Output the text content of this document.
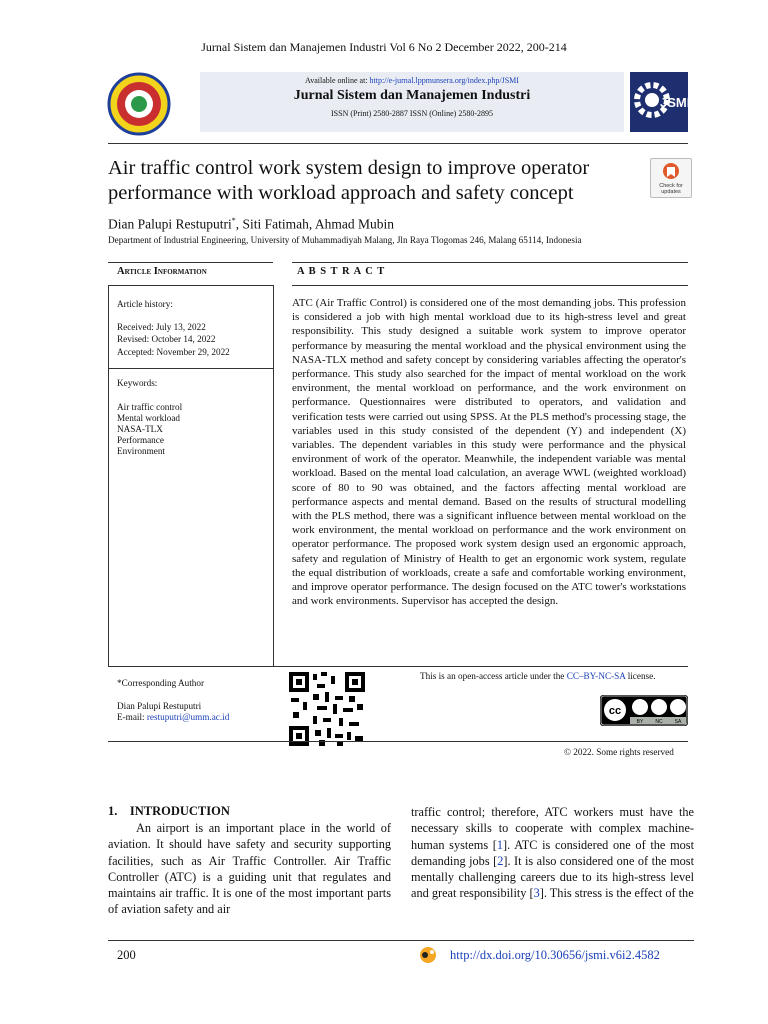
Jurnal Sistem dan Manajemen Industri Vol 6 No 2 December 2022, 200-214
Available online at: http://e-jurnal.lppmunsera.org/index.php/JSMI
Jurnal Sistem dan Manajemen Industri
ISSN (Print) 2580-2887 ISSN (Online) 2580-2895
JSMI
Air traffic control work system design to improve operator performance with workload approach and safety concept	Check for updates
Dian Palupi Restuputri*, Siti Fatimah, Ahmad Mubin
Department of Industrial Engineering, University of Muhammadiyah Malang, Jln Raya Tlogomas 246, Malang 65114, Indonesia
Article Information	A B S T R A C T
Article history:
Received: July 13, 2022
Revised: October 14, 2022
Accepted: November 29, 2022
Keywords:
Air traffic control
Mental workload
NASA-TLX
Performance
Environment
ATC (Air Traffic Control) is considered one of the most demanding jobs. This profession is considered a job with high mental workload due to its high-stress level and great responsibility. This study designed a suitable work system to improve operator performance by measuring the mental workload and the physical environment using the NASA-TLX method and safety concept by considering variables affecting the operator's performance. This study also searched for the impact of mental workload on the work environment, the mental workload on performance, and the work environment on performance. Questionnaires were distributed to operators, and validation and verification tests were carried out using SPSS. At the PLS method's processing stage, the variables used in this study consisted of the dependent (Y) and independent (X) variables. The dependent variables in this study were performance and the physical environment of work of the operator. Meanwhile, the independent variable was mental workload. Based on the mental load calculation, an average WWL (weighted workload) score of 80 to 90 was obtained, and the factors affecting mental workload are performance aspects and mental demand. Based on the results of structural modelling with the PLS method, there was a significant influence between mental workload on the work environment, the mental workload on performance and the work environment on operator performance. The proposed work system design used an ergonomic approach, safety and regulation of Ministry of Health to get an ergonomic work system, regulate the equal distribution of workloads, create a safe and comfortable working environment, and improve operator performance. The design focused on the ATC tower's workstations and work environments. Supervisor has accepted the design.
*Corresponding Author
Dian Palupi Restuputri
E-mail: restuputri@umm.ac.id
This is an open-access article under the CC–BY-NC-SA license.
cc
BY NC SA
© 2022. Some rights reserved
1.    INTRODUCTION
An airport is an important place in the world of aviation. It should have safety and security supporting facilities, such as Air Traffic Controller. Air Traffic Controller (ATC) is a guiding unit that regulates and maintains air traffic. It is one of the most important parts of aviation safety and air
traffic control; therefore, ATC workers must have the necessary skills to cooperate with complex machine-human systems [1]. ATC is considered one of the most demanding jobs [2]. It is also considered one of the most mentally challenging careers due to its high-stress level and great responsibility [3]. This stress is the effect of the
200	http://dx.doi.org/10.30656/jsmi.v6i2.4582
